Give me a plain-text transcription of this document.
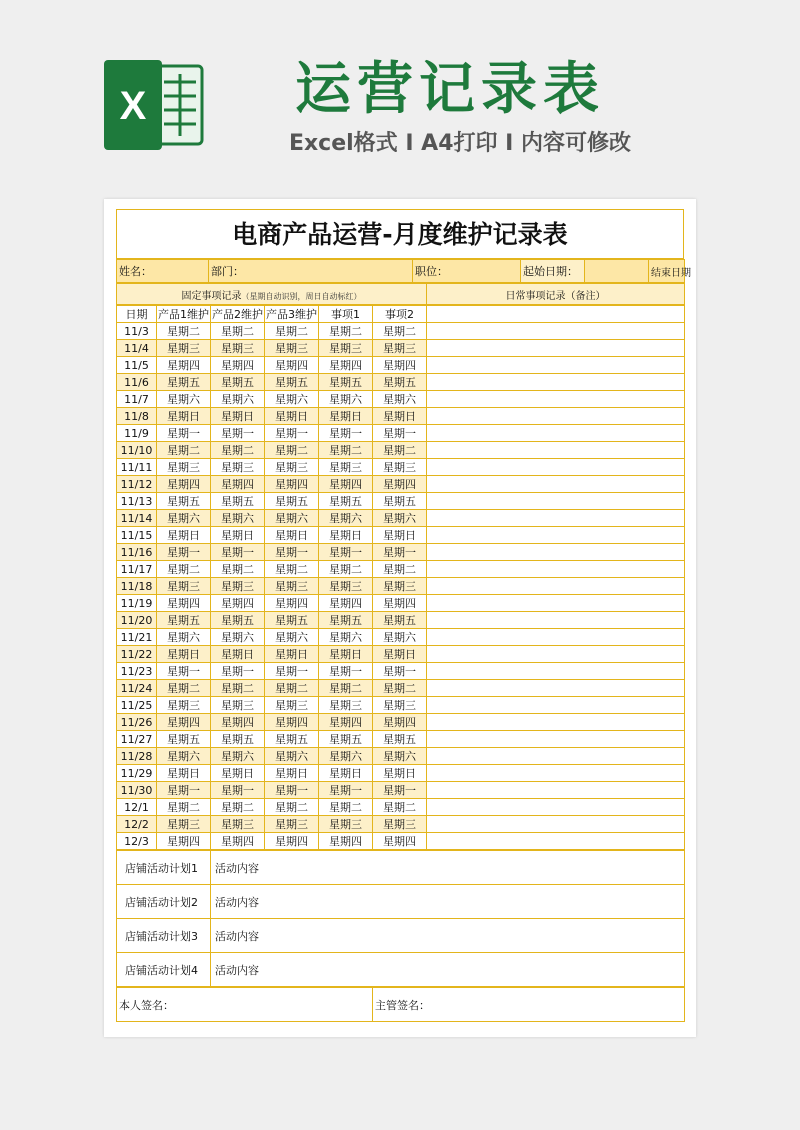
X	运营记录表
Excel格式 I A4打印 I 内容可修改
电商产品运营-月度维护记录表
姓名：	部门：	职位：	起始日期：		结束日期
固定事项记录（星期自动识别，周日自动标红）	日常事项记录（备注）
日期	产品1维护	产品2维护	产品3维护	事项1	事项2	
11/3	星期二	星期二	星期二	星期二	星期二	
11/4	星期三	星期三	星期三	星期三	星期三	
11/5	星期四	星期四	星期四	星期四	星期四	
11/6	星期五	星期五	星期五	星期五	星期五	
11/7	星期六	星期六	星期六	星期六	星期六	
11/8	星期日	星期日	星期日	星期日	星期日	
11/9	星期一	星期一	星期一	星期一	星期一	
11/10	星期二	星期二	星期二	星期二	星期二	
11/11	星期三	星期三	星期三	星期三	星期三	
11/12	星期四	星期四	星期四	星期四	星期四	
11/13	星期五	星期五	星期五	星期五	星期五	
11/14	星期六	星期六	星期六	星期六	星期六	
11/15	星期日	星期日	星期日	星期日	星期日	
11/16	星期一	星期一	星期一	星期一	星期一	
11/17	星期二	星期二	星期二	星期二	星期二	
11/18	星期三	星期三	星期三	星期三	星期三	
11/19	星期四	星期四	星期四	星期四	星期四	
11/20	星期五	星期五	星期五	星期五	星期五	
11/21	星期六	星期六	星期六	星期六	星期六	
11/22	星期日	星期日	星期日	星期日	星期日	
11/23	星期一	星期一	星期一	星期一	星期一	
11/24	星期二	星期二	星期二	星期二	星期二	
11/25	星期三	星期三	星期三	星期三	星期三	
11/26	星期四	星期四	星期四	星期四	星期四	
11/27	星期五	星期五	星期五	星期五	星期五	
11/28	星期六	星期六	星期六	星期六	星期六	
11/29	星期日	星期日	星期日	星期日	星期日	
11/30	星期一	星期一	星期一	星期一	星期一	
12/1	星期二	星期二	星期二	星期二	星期二	
12/2	星期三	星期三	星期三	星期三	星期三	
12/3	星期四	星期四	星期四	星期四	星期四	
店铺活动计划1	活动内容
店铺活动计划2	活动内容
店铺活动计划3	活动内容
店铺活动计划4	活动内容
本人签名：	主管签名：
